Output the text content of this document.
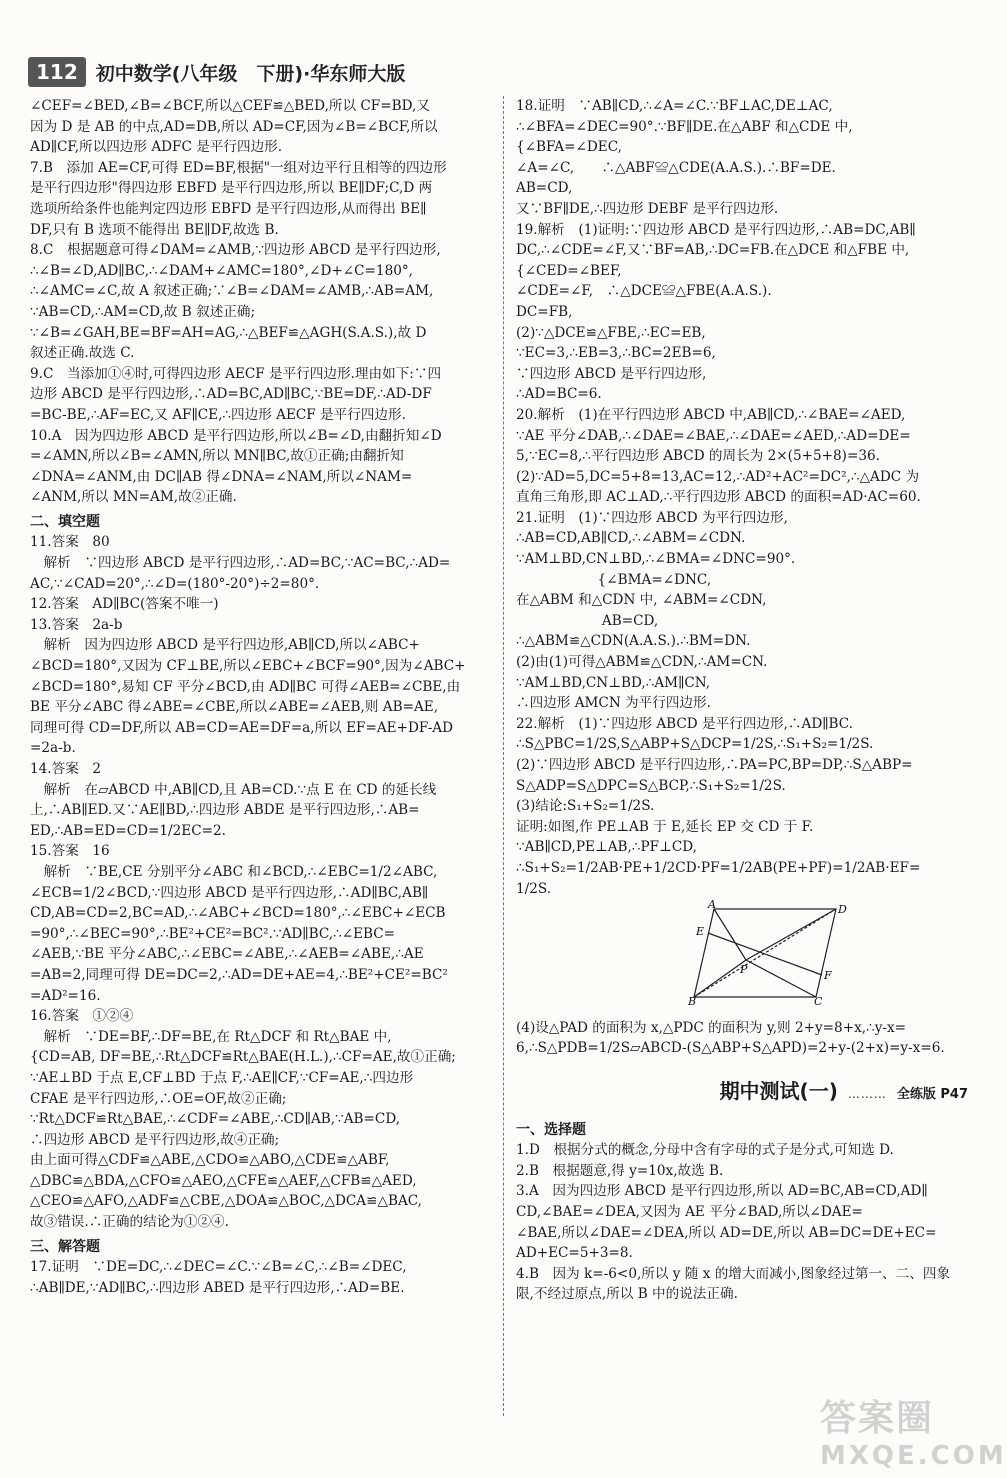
112 初中数学(八年级　下册)·华东师大版
∠CEF=∠BED,∠B=∠BCF,所以△CEF≌△BED,所以 CF=BD,又
因为 D 是 AB 的中点,AD=DB,所以 AD=CF,因为∠B=∠BCF,所以
AD∥CF,所以四边形 ADFC 是平行四边形.
7.B　添加 AE=CF,可得 ED=BF,根据"一组对边平行且相等的四边形
是平行四边形"得四边形 EBFD 是平行四边形,所以 BE∥DF;C,D 两
选项所给条件也能判定四边形 EBFD 是平行四边形,从而得出 BE∥
DF,只有 B 选项不能得出 BE∥DF,故选 B.
8.C　根据题意可得∠DAM=∠AMB,∵四边形 ABCD 是平行四边形,
∴∠B=∠D,AD∥BC,∴∠DAM+∠AMC=180°,∠D+∠C=180°,
∴∠AMC=∠C,故 A 叙述正确;∵∠B=∠DAM=∠AMB,∴AB=AM,
∵AB=CD,∴AM=CD,故 B 叙述正确;
∵∠B=∠GAH,BE=BF=AH=AG,∴△BEF≌△AGH(S.A.S.),故 D
叙述正确.故选 C.
9.C　当添加①④时,可得四边形 AECF 是平行四边形.理由如下:∵四
边形 ABCD 是平行四边形,∴AD=BC,AD∥BC,∵BE=DF,∴AD-DF
=BC-BE,∴AF=EC,又 AF∥CE,∴四边形 AECF 是平行四边形.
10.A　因为四边形 ABCD 是平行四边形,所以∠B=∠D,由翻折知∠D
=∠AMN,所以∠B=∠AMN,所以 MN∥BC,故①正确;由翻折知
∠DNA=∠ANM,由 DC∥AB 得∠DNA=∠NAM,所以∠NAM=
∠ANM,所以 MN=AM,故②正确.
二、填空题
11.答案　80
　解析　∵四边形 ABCD 是平行四边形,∴AD=BC,∵AC=BC,∴AD=
AC,∵∠CAD=20°,∴∠D=(180°-20°)÷2=80°.
12.答案　AD∥BC(答案不唯一)
13.答案　2a-b
　解析　因为四边形 ABCD 是平行四边形,AB∥CD,所以∠ABC+
∠BCD=180°,又因为 CF⊥BE,所以∠EBC+∠BCF=90°,因为∠ABC+
∠BCD=180°,易知 CF 平分∠BCD,由 AD∥BC 可得∠AEB=∠CBE,由
BE 平分∠ABC 得∠ABE=∠CBE,所以∠ABE=∠AEB,则 AB=AE,
同理可得 CD=DF,所以 AB=CD=AE=DF=a,所以 EF=AE+DF-AD
=2a-b.
14.答案　2
　解析　在▱ABCD 中,AB∥CD,且 AB=CD.∵点 E 在 CD 的延长线
上,∴AB∥ED.又∵AE∥BD,∴四边形 ABDE 是平行四边形,∴AB=
ED,∴AB=ED=CD=1/2EC=2.
15.答案　16
　解析　∵BE,CE 分别平分∠ABC 和∠BCD,∴∠EBC=1/2∠ABC,
∠ECB=1/2∠BCD,∵四边形 ABCD 是平行四边形,∴AD∥BC,AB∥
CD,AB=CD=2,BC=AD,∴∠ABC+∠BCD=180°,∴∠EBC+∠ECB
=90°,∴∠BEC=90°,∴BE²+CE²=BC².∵AD∥BC,∴∠EBC=
∠AEB,∵BE 平分∠ABC,∴∠EBC=∠ABE,∴∠AEB=∠ABE,∴AE
=AB=2,同理可得 DE=DC=2,∴AD=DE+AE=4,∴BE²+CE²=BC²
=AD²=16.
16.答案　①②④
　解析　∵DE=BF,∴DF=BE,在 Rt△DCF 和 Rt△BAE 中,
{CD=AB, DF=BE,∴Rt△DCF≌Rt△BAE(H.L.),∴CF=AE,故①正确;
∵AE⊥BD 于点 E,CF⊥BD 于点 F,∴AE∥CF,∵CF=AE,∴四边形
CFAE 是平行四边形,∴OE=OF,故②正确;
∵Rt△DCF≌Rt△BAE,∴∠CDF=∠ABE,∴CD∥AB,∵AB=CD,
∴四边形 ABCD 是平行四边形,故④正确;
由上面可得△CDF≌△ABE,△CDO≌△ABO,△CDE≌△ABF,
△DBC≌△BDA,△CFO≌△AEO,△CFE≌△AEF,△CFB≌△AED,
△CEO≌△AFO,△ADF≌△CBE,△DOA≌△BOC,△DCA≌△BAC,
故③错误.∴正确的结论为①②④.
三、解答题
17.证明　∵DE=DC,∴∠DEC=∠C.∵∠B=∠C,∴∠B=∠DEC,
∴AB∥DE,∵AD∥BC,∴四边形 ABED 是平行四边形,∴AD=BE.
18.证明　∵AB∥CD,∴∠A=∠C.∵BF⊥AC,DE⊥AC,
∴∠BFA=∠DEC=90°.∵BF∥DE.在△ABF 和△CDE 中,
{∠BFA=∠DEC,
∠A=∠C,　　∴△ABF≌△CDE(A.A.S.).∴BF=DE.
AB=CD,
又∵BF∥DE,∴四边形 DEBF 是平行四边形.
19.解析　(1)证明:∵四边形 ABCD 是平行四边形,∴AB=DC,AB∥
DC,∴∠CDE=∠F,又∵BF=AB,∴DC=FB.在△DCE 和△FBE 中,
{∠CED=∠BEF,
∠CDE=∠F,　∴△DCE≌△FBE(A.A.S.).
DC=FB,
(2)∵△DCE≌△FBE,∴EC=EB,
∵EC=3,∴EB=3,∴BC=2EB=6,
∵四边形 ABCD 是平行四边形,
∴AD=BC=6.
20.解析　(1)在平行四边形 ABCD 中,AB∥CD,∴∠BAE=∠AED,
∵AE 平分∠DAB,∴∠DAE=∠BAE,∴∠DAE=∠AED,∴AD=DE=
5,∵EC=8,∴平行四边形 ABCD 的周长为 2×(5+5+8)=36.
(2)∵AD=5,DC=5+8=13,AC=12,∴AD²+AC²=DC²,∴△ADC 为
直角三角形,即 AC⊥AD,∴平行四边形 ABCD 的面积=AD·AC=60.
21.证明　(1)∵四边形 ABCD 为平行四边形,
∴AB=CD,AB∥CD,∴∠ABM=∠CDN.
∵AM⊥BD,CN⊥BD,∴∠BMA=∠DNC=90°.
　　　　　　{∠BMA=∠DNC,
在△ABM 和△CDN 中, ∠ABM=∠CDN,
　　　　　　 AB=CD,
∴△ABM≌△CDN(A.A.S.).∴BM=DN.
(2)由(1)可得△ABM≌△CDN,∴AM=CN.
∵AM⊥BD,CN⊥BD,∴AM∥CN,
∴四边形 AMCN 为平行四边形.
22.解析　(1)∵四边形 ABCD 是平行四边形,∴AD∥BC.
∴S△PBC=1/2S,S△ABP+S△DCP=1/2S,∴S₁+S₂=1/2S.
(2)∵四边形 ABCD 是平行四边形,∴PA=PC,BP=DP,∴S△ABP=
S△ADP=S△DPC=S△BCP,∴S₁+S₂=1/2S.
(3)结论:S₁+S₂=1/2S.
证明:如图,作 PE⊥AB 于 E,延长 EP 交 CD 于 F.
∵AB∥CD,PE⊥AB,∴PF⊥CD,
∴S₁+S₂=1/2AB·PE+1/2CD·PF=1/2AB(PE+PF)=1/2AB·EF=
1/2S.
A	D
E
P	F
B	C
(4)设△PAD 的面积为 x,△PDC 的面积为 y,则 2+y=8+x,∴y-x=
6,∴S△PDB=1/2S▱ABCD-(S△ABP+S△APD)=2+y-(2+x)=y-x=6.
期中测试(一) ……… 全练版 P47
一、选择题
1.D　根据分式的概念,分母中含有字母的式子是分式,可知选 D.
2.B　根据题意,得 y=10x,故选 B.
3.A　因为四边形 ABCD 是平行四边形,所以 AD=BC,AB=CD,AD∥
CD,∠BAE=∠DEA,又因为 AE 平分∠BAD,所以∠DAE=
∠BAE,所以∠DAE=∠DEA,所以 AD=DE,所以 AB=DC=DE+EC=
AD+EC=5+3=8.
4.B　因为 k=-6<0,所以 y 随 x 的增大而减小,图象经过第一、二、四象
限,不经过原点,所以 B 中的说法正确.
答案圈
MXQE.COM
